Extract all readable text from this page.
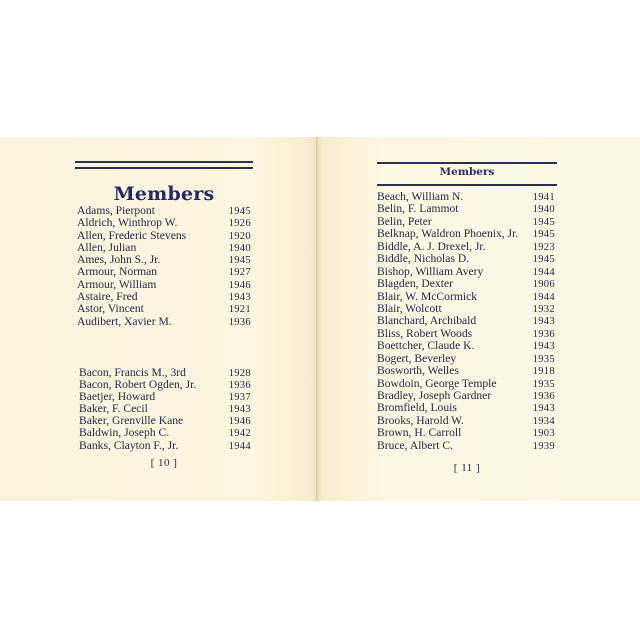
Members
Adams, Pierpont	1945
Aldrich, Winthrop W.	1926
Allen, Frederic Stevens	1920
Allen, Julian	1940
Ames, John S., Jr.	1945
Armour, Norman	1927
Armour, William	1946
Astaire, Fred	1943
Astor, Vincent	1921
Audibert, Xavier M.	1936
Bacon, Francis M., 3rd	1928
Bacon, Robert Ogden, Jr.	1936
Baetjer, Howard	1937
Baker, F. Cecil	1943
Baker, Grenville Kane	1946
Baldwin, Joseph C.	1942
Banks, Clayton F., Jr.	1944
[ 10 ]
Members
Beach, William N.	1941
Belin, F. Lammot	1940
Belin, Peter	1945
Belknap, Waldron Phoenix, Jr. 1945
Biddle, A. J. Drexel, Jr.	1923
Biddle, Nicholas D.	1945
Bishop, William Avery	1944
Blagden, Dexter	1906
Blair, W. McCormick	1944
Blair, Wolcott	1932
Blanchard, Archibald	1943
Bliss, Robert Woods	1936
Boettcher, Claude K.	1943
Bogert, Beverley	1935
Bosworth, Welles	1918
Bowdoin, George Temple	1935
Bradley, Joseph Gardner	1936
Bromfield, Louis	1943
Brooks, Harold W.	1934
Brown, H. Carroll	1903
Bruce, Albert C.	1939
[ 11 ]
